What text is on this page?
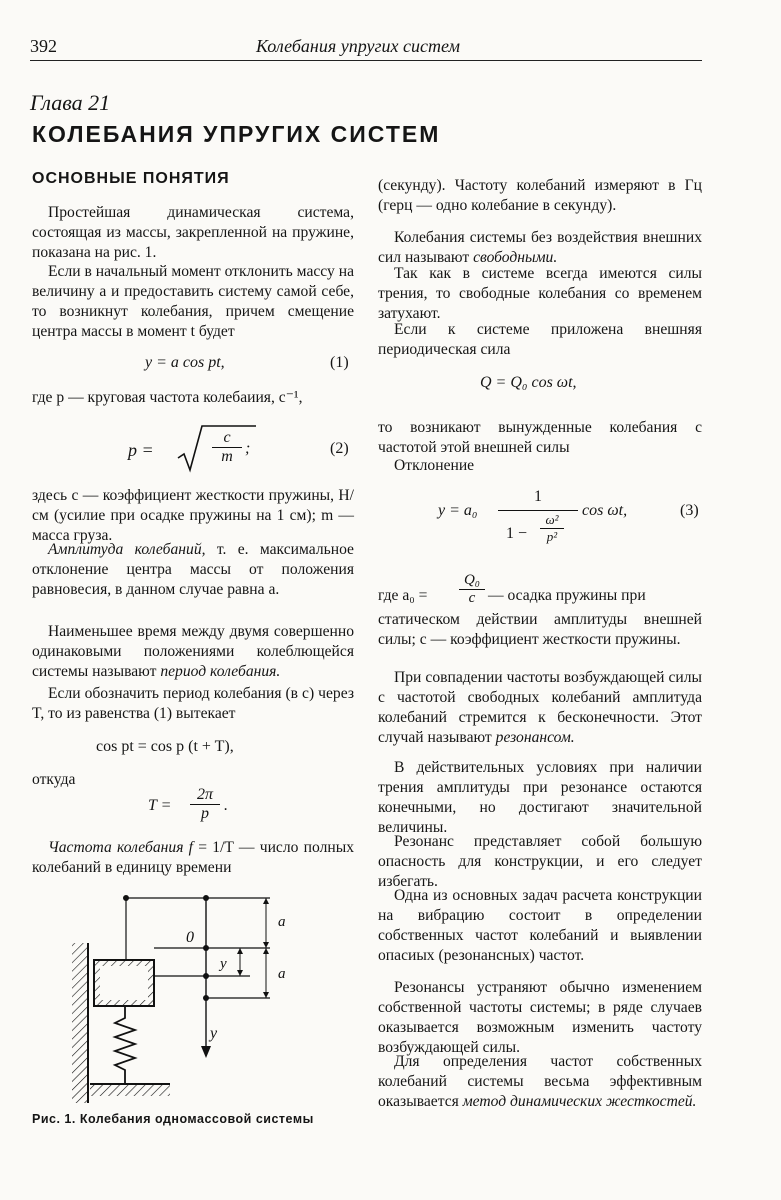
392	Колебания упругих систем
Глава 21
КОЛЕБАНИЯ УПРУГИХ СИСТЕМ
ОСНОВНЫЕ ПОНЯТИЯ

Простейшая динамическая система, состоящая из массы, закрепленной на пружине, показана на рис. 1.

Если в начальный момент отклонить массу на величину a и предоставить систему самой себе, то возникнут колебания, причем смещение центра массы в момент t будет

y = a cos pt,	(1)

где p — круговая частота колебаиия, c⁻¹,

p =	$\frac{c}{m}$ ;	(2)

здесь c — коэффициент жесткости пружины, Н/см (усилие при осадке пружины на 1 см); m — масса груза.

Амплитуда колебаний, т. е. максимальное отклонение центра массы от положения равновесия, в данном случае равна a.

Наименьшее время между двумя совершенно одинаковыми положениями колеблющейся системы называют период колебания.

Если обозначить период колебания (в с) через T, то из равенства (1) вытекает

cos pt = cos p (t + T),

откуда

$T = \frac{2\pi}{p}$ .

Частота колебания f = 1/T — число полных колебаний в единицу времени

0
y
y
a
a
Рис. 1. Колебания одномассовой системы

(секунду). Частоту колебаний измеряют в Гц (герц — одно колебание в секунду).

Колебания системы без воздействия внешних сил называют свободными.

Так как в системе всегда имеются силы трения, то свободные колебания со временем затухают.

Если к системе приложена внешняя периодическая сила

Q = Q₀ cos ωt,

то возникают вынужденные колебания с частотой этой внешней силы

Отклонение

y = a₀
1
1 −
ω²
p²
cos ωt,	(3)
где $a_0 = \frac{\text{Q₀}}{c}$ — осадка пружины при

статическом действии амплитуды внешней силы; c — коэффициент жесткости пружины.

При совпадении частоты возбуждающей силы с частотой свободных колебаний амплитуда колебаний стремится к бесконечности. Этот случай называют резонансом.

В действительных условиях при наличии трения амплитуды при резонансе остаются конечными, но достигают значительной величины.

Резонанс представляет собой большую опасность для конструкции, и его следует избегать.

Одна из основных задач расчета конструкции на вибрацию состоит в определении собственных частот колебаний и выявлении опасиых (резонансных) частот.

Резонансы устраняют обычно изменением собственной частоты системы; в ряде случаев оказывается возможным изменить частоту возбуждающей силы.

Для определения частот собственных колебаний системы весьма эффективным оказывается метод динамических жесткостей.
